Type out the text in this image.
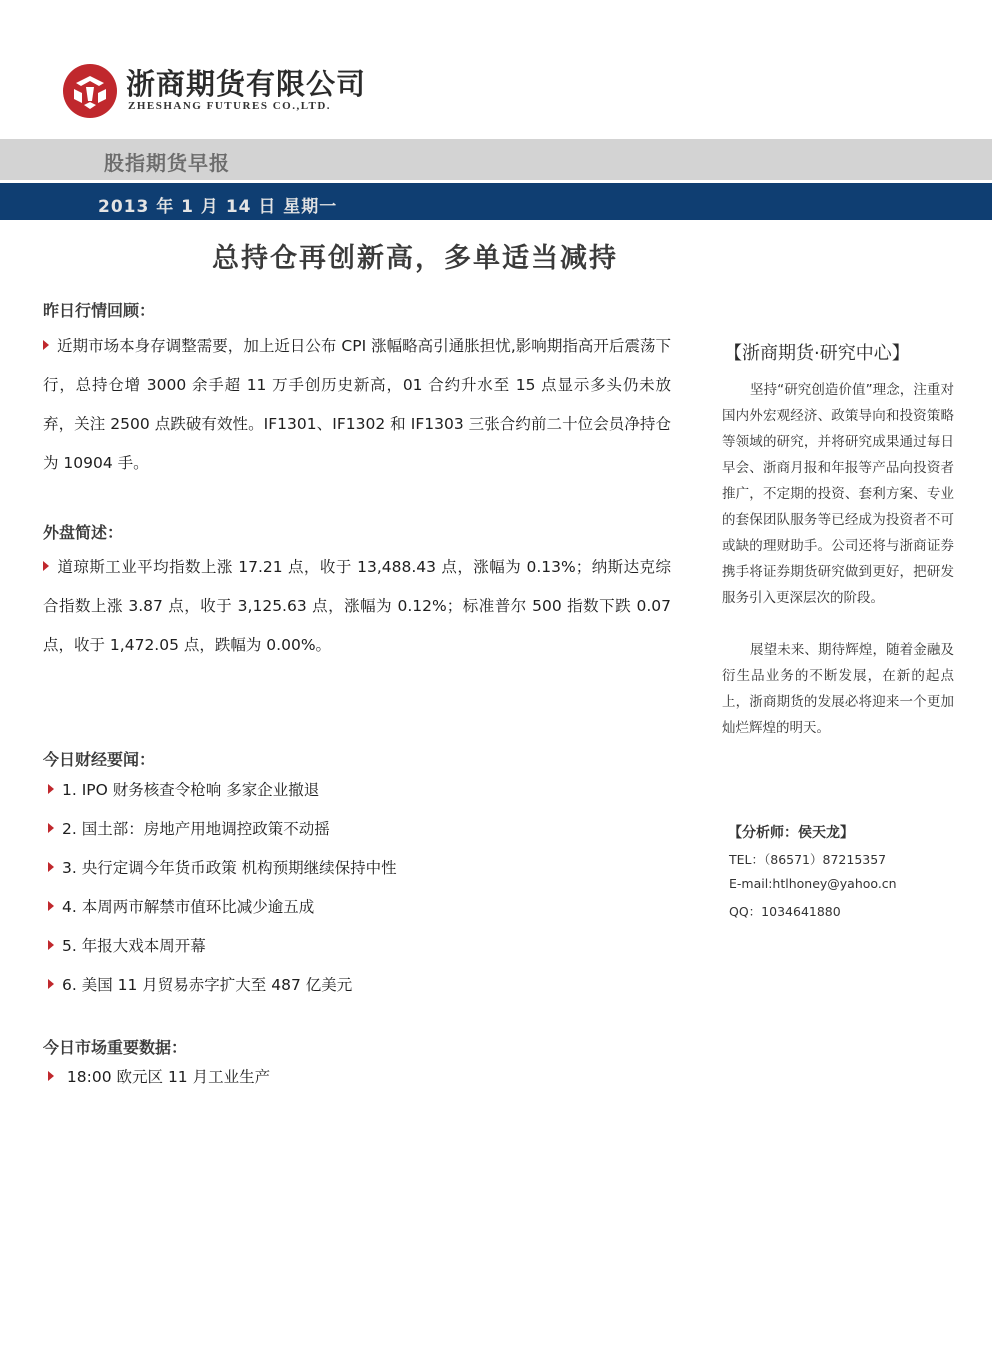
浙商期货有限公司
ZHESHANG FUTURES CO.,LTD.
股指期货早报
2013 年 1 月 14 日 星期一
总持仓再创新高，多单适当减持
昨日行情回顾：
近期市场本身存调整需要，加上近日公布 CPI 涨幅略高引通胀担忧,影响期指高开后震荡下行，总持仓增 3000 余手超 11 万手创历史新高，01 合约升水至 15 点显示多头仍未放弃，关注 2500 点跌破有效性。IF1301、IF1302 和 IF1303 三张合约前二十位会员净持仓为 10904 手。
外盘简述：
道琼斯工业平均指数上涨 17.21 点，收于 13,488.43 点，涨幅为 0.13%；纳斯达克综合指数上涨 3.87 点，收于 3,125.63 点，涨幅为 0.12%；标准普尔 500 指数下跌 0.07 点，收于 1,472.05 点，跌幅为 0.00%。
今日财经要闻：
1. IPO 财务核查令枪响 多家企业撤退
2. 国土部：房地产用地调控政策不动摇
3. 央行定调今年货币政策 机构预期继续保持中性
4. 本周两市解禁市值环比减少逾五成
5. 年报大戏本周开幕
6. 美国 11 月贸易赤字扩大至 487 亿美元
今日市场重要数据：
18:00 欧元区 11 月工业生产
【浙商期货·研究中心】

坚持“研究创造价值”理念，注重对国内外宏观经济、政策导向和投资策略等领域的研究，并将研究成果通过每日早会、浙商月报和年报等产品向投资者推广，不定期的投资、套利方案、专业的套保团队服务等已经成为投资者不可或缺的理财助手。公司还将与浙商证券携手将证券期货研究做到更好，把研发服务引入更深层次的阶段。

展望未来、期待辉煌，随着金融及衍生品业务的不断发展，在新的起点上，浙商期货的发展必将迎来一个更加灿烂辉煌的明天。

【分析师：侯天龙】
TEL：（86571）87215357
E-mail:htlhoney@yahoo.cn
QQ：1034641880
